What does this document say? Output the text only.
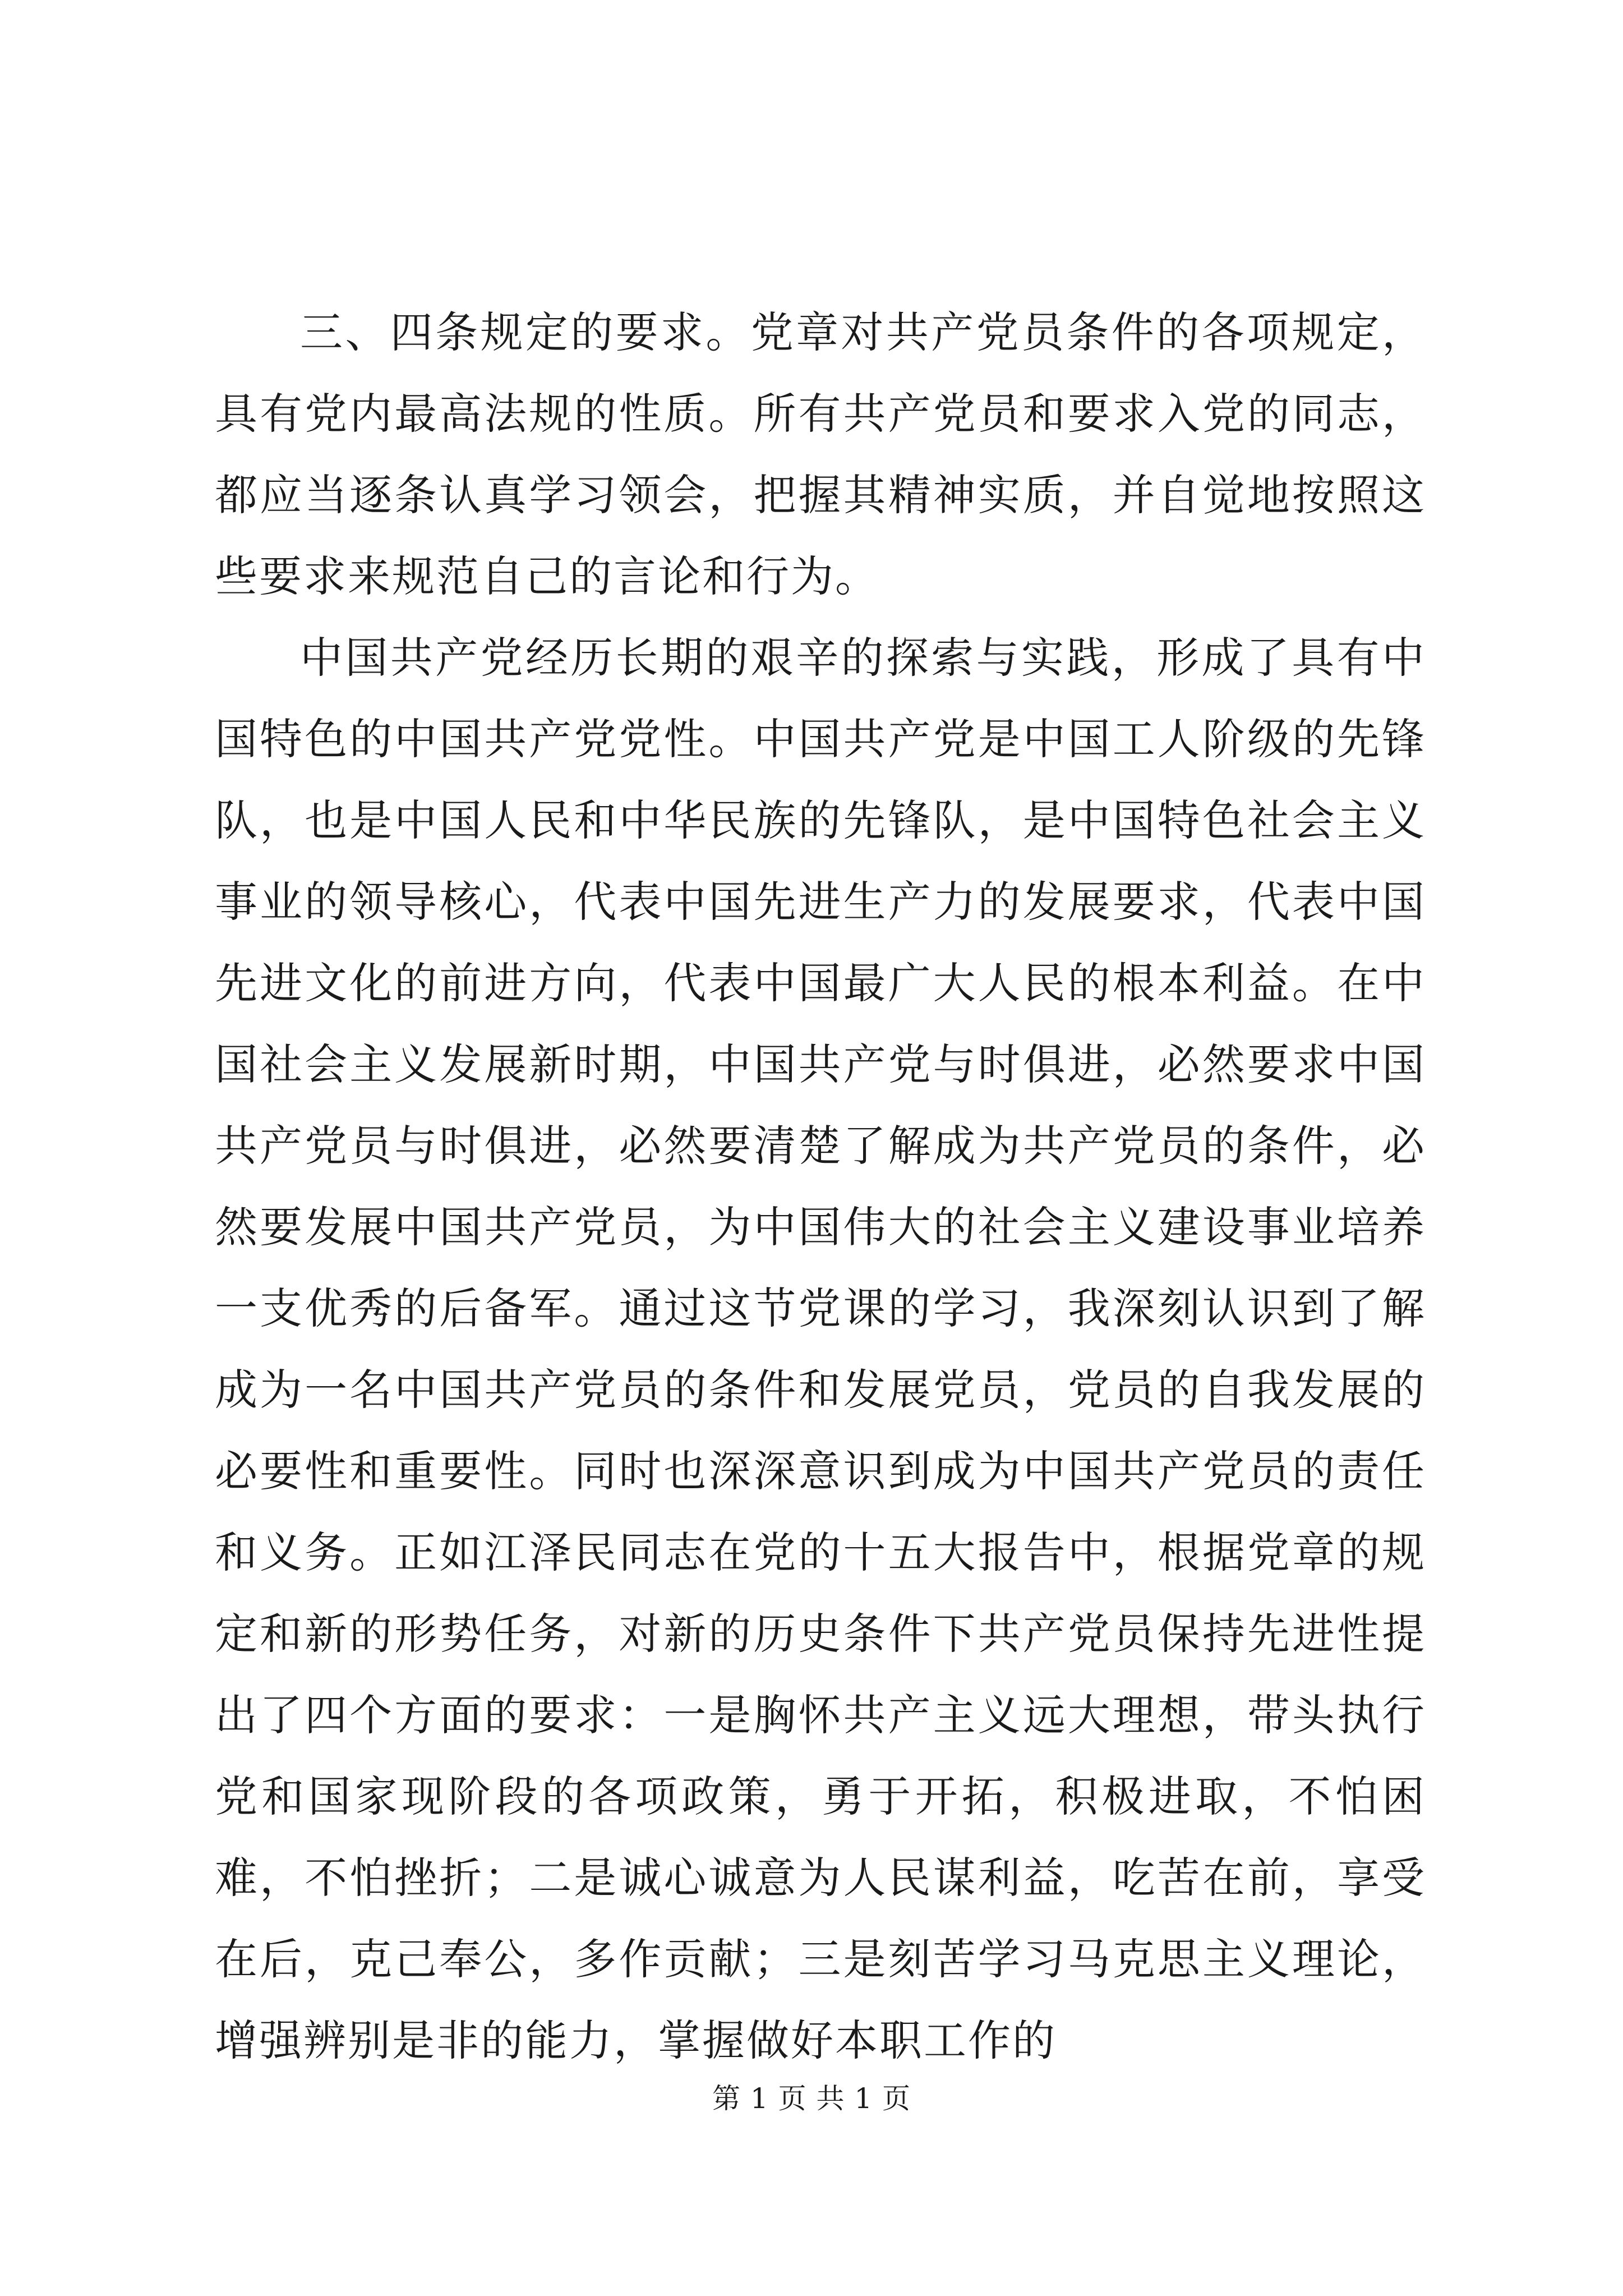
三、四条规定的要求。党章对共产党员条件的各项规定，具有党内最高法规的性质。所有共产党员和要求入党的同志，都应当逐条认真学习领会，把握其精神实质，并自觉地按照这些要求来规范自己的言论和行为。

中国共产党经历长期的艰辛的探索与实践，形成了具有中国特色的中国共产党党性。中国共产党是中国工人阶级的先锋队，也是中国人民和中华民族的先锋队，是中国特色社会主义事业的领导核心，代表中国先进生产力的发展要求，代表中国先进文化的前进方向，代表中国最广大人民的根本利益。在中国社会主义发展新时期，中国共产党与时俱进，必然要求中国共产党员与时俱进，必然要清楚了解成为共产党员的条件，必然要发展中国共产党员，为中国伟大的社会主义建设事业培养一支优秀的后备军。通过这节党课的学习，我深刻认识到了解成为一名中国共产党员的条件和发展党员，党员的自我发展的必要性和重要性。同时也深深意识到成为中国共产党员的责任和义务。正如江泽民同志在党的十五大报告中，根据党章的规定和新的形势任务，对新的历史条件下共产党员保持先进性提出了四个方面的要求：一是胸怀共产主义远大理想，带头执行党和国家现阶段的各项政策，勇于开拓，积极进取，不怕困难，不怕挫折；二是诚心诚意为人民谋利益，吃苦在前，享受在后，克己奉公，多作贡献；三是刻苦学习马克思主义理论，增强辨别是非的能力，掌握做好本职工作的

第 1 页 共 1 页
